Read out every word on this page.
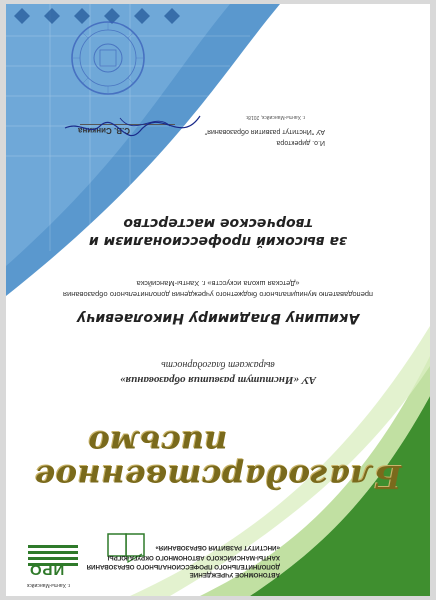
АВТОНОМНОЕ УЧРЕЖДЕНИЕ
ДОПОЛНИТЕЛЬНОГО ПРОФЕССИОНАЛЬНОГО ОБРАЗОВАНИЯ
ХАНТЫ-МАНСИЙСКОГО АВТОНОМНОГО ОКРУГА-ЮГРЫ
«ИНСТИТУТ РАЗВИТИЯ ОБРАЗОВАНИЯ»
ИРО
г. Ханты-Мансийск
Благодарственное
письмо
АУ «Институт развития образования»
выражает благодарность
Акишину Владимиру Николаевичу
преподавателю муниципального бюджетного учреждения дополнительного образования
«Детская школа искусств» г. Ханты-Мансийска
за высокий профессионализм и
творческое мастерство
И.о. директора
АУ "Институт развития образования"
С.В. Синкина
г. Ханты-Мансийск, 2018г.
